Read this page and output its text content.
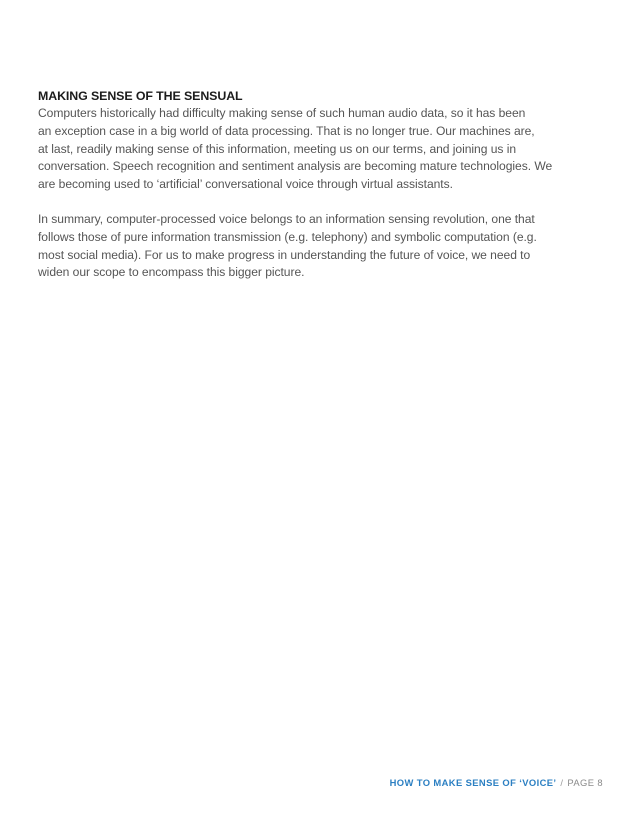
MAKING SENSE OF THE SENSUAL

Computers historically had difficulty making sense of such human audio data, so it has been
an exception case in a big world of data processing. That is no longer true. Our machines are,
at last, readily making sense of this information, meeting us on our terms, and joining us in
conversation. Speech recognition and sentiment analysis are becoming mature technologies. We
are becoming used to ‘artificial’ conversational voice through virtual assistants.

In summary, computer-processed voice belongs to an information sensing revolution, one that
follows those of pure information transmission (e.g. telephony) and symbolic computation (e.g.
most social media). For us to make progress in understanding the future of voice, we need to
widen our scope to encompass this bigger picture.

HOW TO MAKE SENSE OF ‘VOICE’ / PAGE 8
